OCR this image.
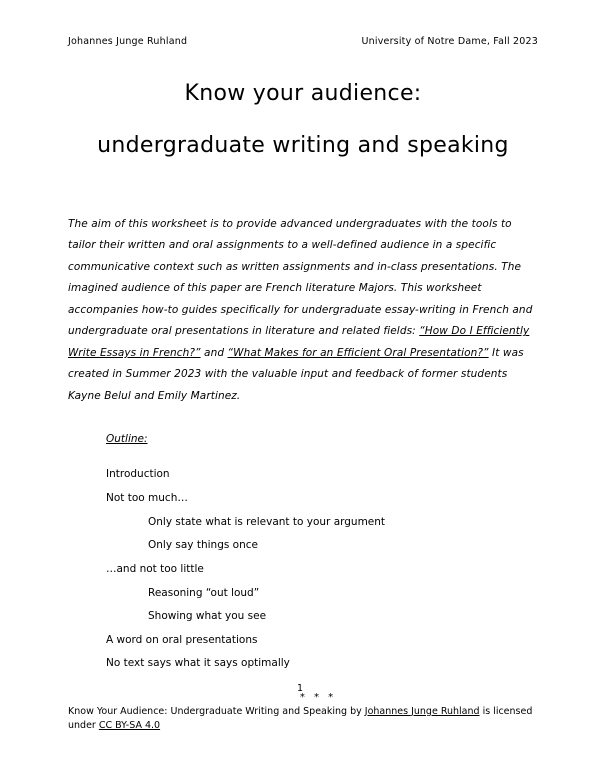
Johannes Junge Ruhland	University of Notre Dame, Fall 2023
Know your audience:
undergraduate writing and speaking
The aim of this worksheet is to provide advanced undergraduates with the tools to tailor their written and oral assignments to a well-defined audience in a specific communicative context such as written assignments and in-class presentations. The imagined audience of this paper are French literature Majors. This worksheet accompanies how-to guides specifically for undergraduate essay-writing in French and undergraduate oral presentations in literature and related fields: “How Do I Efficiently Write Essays in French?” and “What Makes for an Efficient Oral Presentation?” It was created in Summer 2023 with the valuable input and feedback of former students Kayne Belul and Emily Martinez.
Outline:
Introduction
Not too much…
Only state what is relevant to your argument
Only say things once
…and not too little
Reasoning “out loud”
Showing what you see
A word on oral presentations
No text says what it says optimally
* * *
1
Know Your Audience: Undergraduate Writing and Speaking by Johannes Junge Ruhland is licensed under CC BY-SA 4.0
